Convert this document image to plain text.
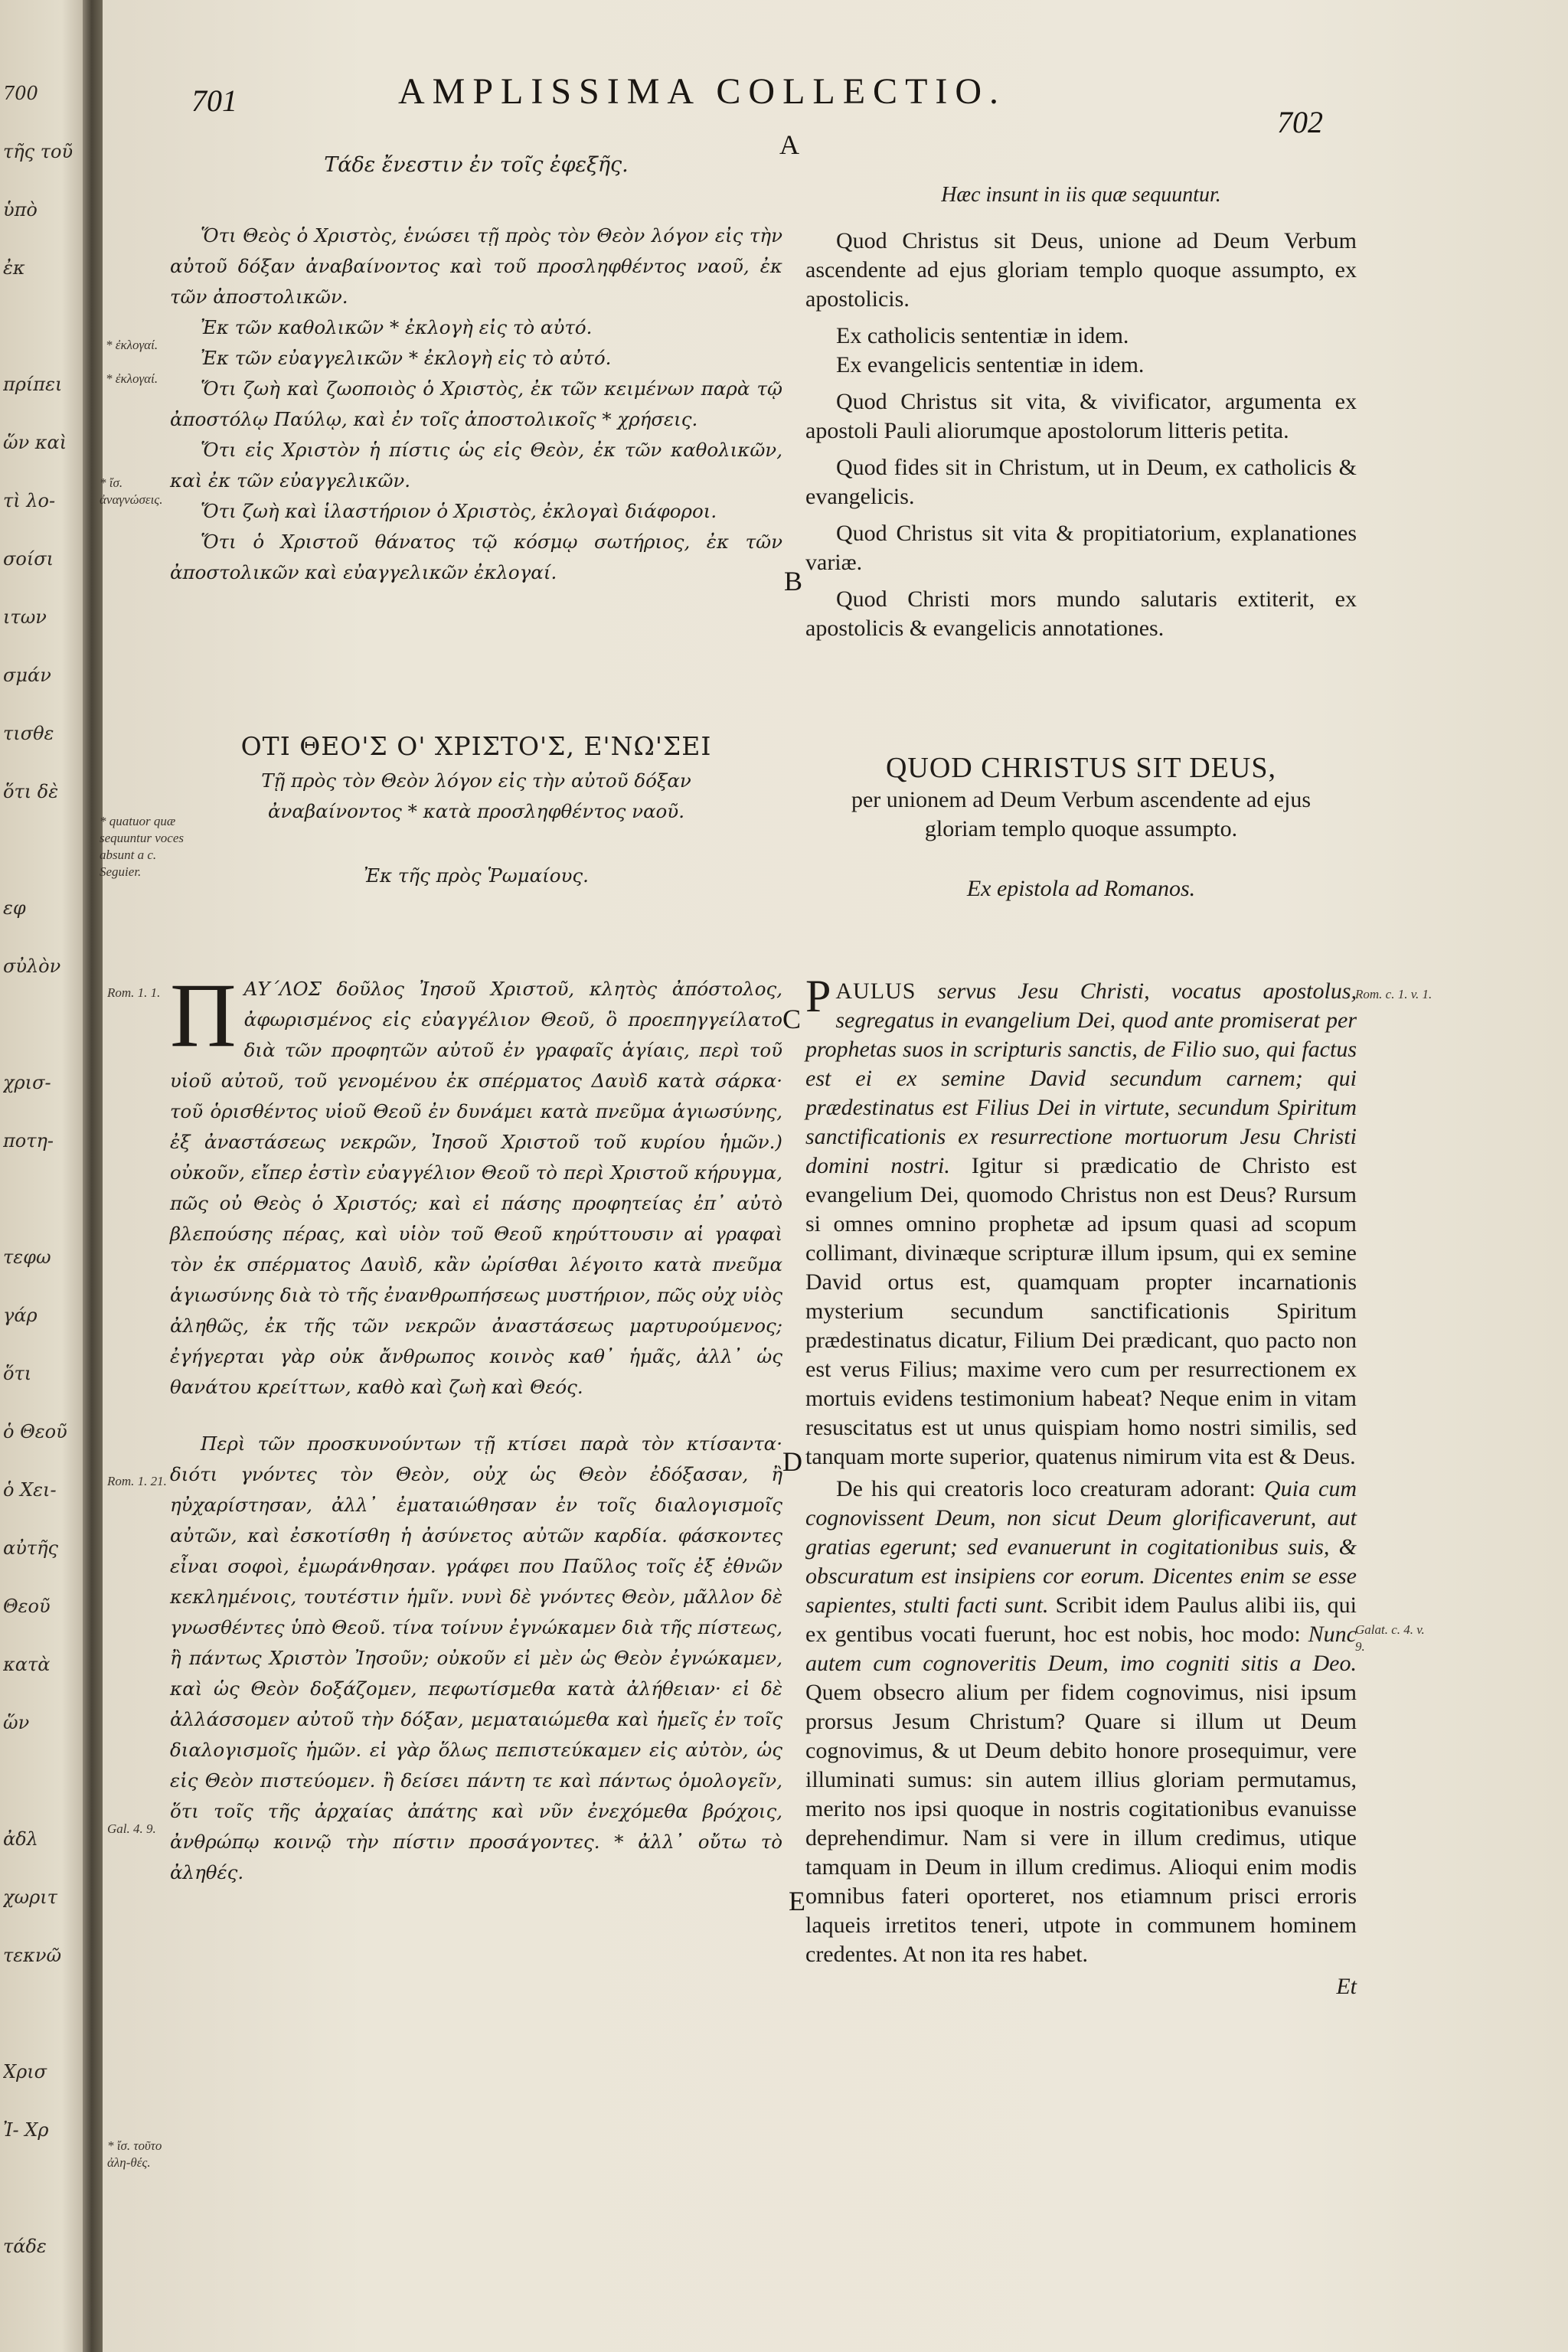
700
τῆς τοῦ
ὑπὸ
ἐκ
πρίπει
ὥν καὶ
τὶ λο-
σοίσι
ιτων
σμάν
τισθε
ὅτι δὲ
εφ
σὐλὸν
χρισ-
ποτη-
τεφω
γάρ
ὅτι
ὁ Θεοῦ
ὁ Χει-
αὐτῆς
Θεοῦ
κατὰ
ὥν
ἀδλ
χωριτ
τεκνῶ
Χρισ
Ἰ- Χρ
τάδε
701	AMPLISSIMA COLLECTIO.
702
A
B
C
D
E
* ἐκλογαί.
* ἐκλογαί.
* ἴσ. ἀναγνώσεις.
* quatuor quæ sequuntur voces absunt a c. Seguier.
Rom. 1. 1.
Rom. 1. 21.
Gal. 4. 9.
* ἴσ. τοῦτο ἀλη-θές.
Rom. c. 1. v. 1.
Galat. c. 4. v. 9.

Τάδε ἔνεστιν ἐν τοῖς ἐφεξῆς.

Ὅτι Θεὸς ὁ Χριστὸς, ἑνώσει τῇ πρὸς τὸν Θεὸν λόγον εἰς τὴν αὐτοῦ δόξαν ἀναβαίνοντος καὶ τοῦ προσληφθέντος ναοῦ, ἐκ τῶν ἀποστολικῶν.

Ἐκ τῶν καθολικῶν * ἐκλογὴ εἰς τὸ αὐτό.

Ἐκ τῶν εὐαγγελικῶν * ἐκλογὴ εἰς τὸ αὐτό.

Ὅτι ζωὴ καὶ ζωοποιὸς ὁ Χριστὸς, ἐκ τῶν κειμένων παρὰ τῷ ἀποστόλῳ Παύλῳ, καὶ ἐν τοῖς ἀποστολικοῖς * χρήσεις.

Ὅτι εἰς Χριστὸν ἡ πίστις ὡς εἰς Θεὸν, ἐκ τῶν καθολικῶν, καὶ ἐκ τῶν εὐαγγελικῶν.

Ὅτι ζωὴ καὶ ἱλαστήριον ὁ Χριστὸς, ἐκλογαὶ διάφοροι.

Ὅτι ὁ Χριστοῦ θάνατος τῷ κόσμῳ σωτήριος, ἐκ τῶν ἀποστολικῶν καὶ εὐαγγελικῶν ἐκλογαί.

ΟΤΙ ΘΕΟ'Σ Ο' ΧΡΙΣΤΟ'Σ, Ε'ΝΩ'ΣΕΙ

Τῇ πρὸς τὸν Θεὸν λόγον εἰς τὴν αὐτοῦ δόξαν ἀναβαίνοντος * κατὰ προσληφθέντος ναοῦ.

Ἐκ τῆς πρὸς Ῥωμαίους.

ΠΑΥ΄ΛΟΣ δοῦλος Ἰησοῦ Χριστοῦ, κλητὸς ἀπόστολος, ἀφωρισμένος εἰς εὐαγγέλιον Θεοῦ, ὃ προεπηγγείλατο διὰ τῶν προφητῶν αὐτοῦ ἐν γραφαῖς ἁγίαις, περὶ τοῦ υἱοῦ αὐτοῦ, τοῦ γενομένου ἐκ σπέρματος Δαυὶδ κατὰ σάρκα· τοῦ ὁρισθέντος υἱοῦ Θεοῦ ἐν δυνάμει κατὰ πνεῦμα ἁγιωσύνης, ἐξ ἀναστάσεως νεκρῶν, Ἰησοῦ Χριστοῦ τοῦ κυρίου ἡμῶν.) οὐκοῦν, εἴπερ ἐστὶν εὐαγγέλιον Θεοῦ τὸ περὶ Χριστοῦ κήρυγμα, πῶς οὐ Θεὸς ὁ Χριστός; καὶ εἰ πάσης προφητείας ἐπ᾽ αὐτὸ βλεπούσης πέρας, καὶ υἱὸν τοῦ Θεοῦ κηρύττουσιν αἱ γραφαὶ τὸν ἐκ σπέρματος Δαυὶδ, κἂν ὠρίσθαι λέγοιτο κατὰ πνεῦμα ἁγιωσύνης διὰ τὸ τῆς ἐνανθρωπήσεως μυστήριον, πῶς οὐχ υἱὸς ἀληθῶς, ἐκ τῆς τῶν νεκρῶν ἀναστάσεως μαρτυρούμενος; ἐγήγερται γὰρ οὐκ ἄνθρωπος κοινὸς καθ᾽ ἡμᾶς, ἀλλ᾽ ὡς θανάτου κρείττων, καθὸ καὶ ζωὴ καὶ Θεός.

Περὶ τῶν προσκυνούντων τῇ κτίσει παρὰ τὸν κτίσαντα· διότι γνόντες τὸν Θεὸν, οὐχ ὡς Θεὸν ἐδόξασαν, ἢ ηὐχαρίστησαν, ἀλλ᾽ ἐματαιώθησαν ἐν τοῖς διαλογισμοῖς αὐτῶν, καὶ ἐσκοτίσθη ἡ ἀσύνετος αὐτῶν καρδία. φάσκοντες εἶναι σοφοὶ, ἐμωράνθησαν. γράφει που Παῦλος τοῖς ἐξ ἐθνῶν κεκλημένοις, τουτέστιν ἡμῖν. νυνὶ δὲ γνόντες Θεὸν, μᾶλλον δὲ γνωσθέντες ὑπὸ Θεοῦ. τίνα τοίνυν ἐγνώκαμεν διὰ τῆς πίστεως, ἢ πάντως Χριστὸν Ἰησοῦν; οὐκοῦν εἰ μὲν ὡς Θεὸν ἐγνώκαμεν, καὶ ὡς Θεὸν δοξάζομεν, πεφωτίσμεθα κατὰ ἀλήθειαν· εἰ δὲ ἀλλάσσομεν αὐτοῦ τὴν δόξαν, μεματαιώμεθα καὶ ἡμεῖς ἐν τοῖς διαλογισμοῖς ἡμῶν. εἰ γὰρ ὅλως πεπιστεύκαμεν εἰς αὐτὸν, ὡς εἰς Θεὸν πιστεύομεν. ἢ δείσει πάντη τε καὶ πάντως ὁμολογεῖν, ὅτι τοῖς τῆς ἀρχαίας ἀπάτης καὶ νῦν ἐνεχόμεθα βρόχοις, ἀνθρώπῳ κοινῷ τὴν πίστιν προσάγοντες. * ἀλλ᾽ οὔτω τὸ ἀληθές.

Hæc insunt in iis quæ sequuntur.

Quod Christus sit Deus, unione ad Deum Verbum ascendente ad ejus gloriam templo quoque assumpto, ex apostolicis.

Ex catholicis sententiæ in idem.

Ex evangelicis sententiæ in idem.

Quod Christus sit vita, & vivificator, argumenta ex apostoli Pauli aliorumque apostolorum litteris petita.

Quod fides sit in Christum, ut in Deum, ex catholicis & evangelicis.

Quod Christus sit vita & propitiatorium, explanationes variæ.

Quod Christi mors mundo salutaris extiterit, ex apostolicis & evangelicis annotationes.

QUOD CHRISTUS SIT DEUS,

per unionem ad Deum Verbum ascendente ad ejus gloriam templo quoque assumpto.

Ex epistola ad Romanos.

PAULUS servus Jesu Christi, vocatus apostolus, segregatus in evangelium Dei, quod ante promiserat per prophetas suos in scripturis sanctis, de Filio suo, qui factus est ei ex semine David secundum carnem; qui prædestinatus est Filius Dei in virtute, secundum Spiritum sanctificationis ex resurrectione mortuorum Jesu Christi domini nostri. Igitur si prædicatio de Christo est evangelium Dei, quomodo Christus non est Deus? Rursum si omnes omnino prophetæ ad ipsum quasi ad scopum collimant, divinæque scripturæ illum ipsum, qui ex semine David ortus est, quamquam propter incarnationis mysterium secundum sanctificationis Spiritum prædestinatus dicatur, Filium Dei prædicant, quo pacto non est verus Filius; maxime vero cum per resurrectionem ex mortuis evidens testimonium habeat? Neque enim in vitam resuscitatus est ut unus quispiam homo nostri similis, sed tanquam morte superior, quatenus nimirum vita est & Deus.

De his qui creatoris loco creaturam adorant: Quia cum cognovissent Deum, non sicut Deum glorificaverunt, aut gratias egerunt; sed evanuerunt in cogitationibus suis, & obscuratum est insipiens cor eorum. Dicentes enim se esse sapientes, stulti facti sunt. Scribit idem Paulus alibi iis, qui ex gentibus vocati fuerunt, hoc est nobis, hoc modo: Nunc autem cum cognoveritis Deum, imo cogniti sitis a Deo. Quem obsecro alium per fidem cognovimus, nisi ipsum prorsus Jesum Christum? Quare si illum ut Deum cognovimus, & ut Deum debito honore prosequimur, vere illuminati sumus: sin autem illius gloriam permutamus, merito nos ipsi quoque in nostris cogitationibus evanuisse deprehendimur. Nam si vere in illum credimus, utique tamquam in Deum in illum credimus. Alioqui enim modis omnibus fateri oporteret, nos etiamnum prisci erroris laqueis irretitos teneri, utpote in communem hominem credentes. At non ita res habet.

Et
